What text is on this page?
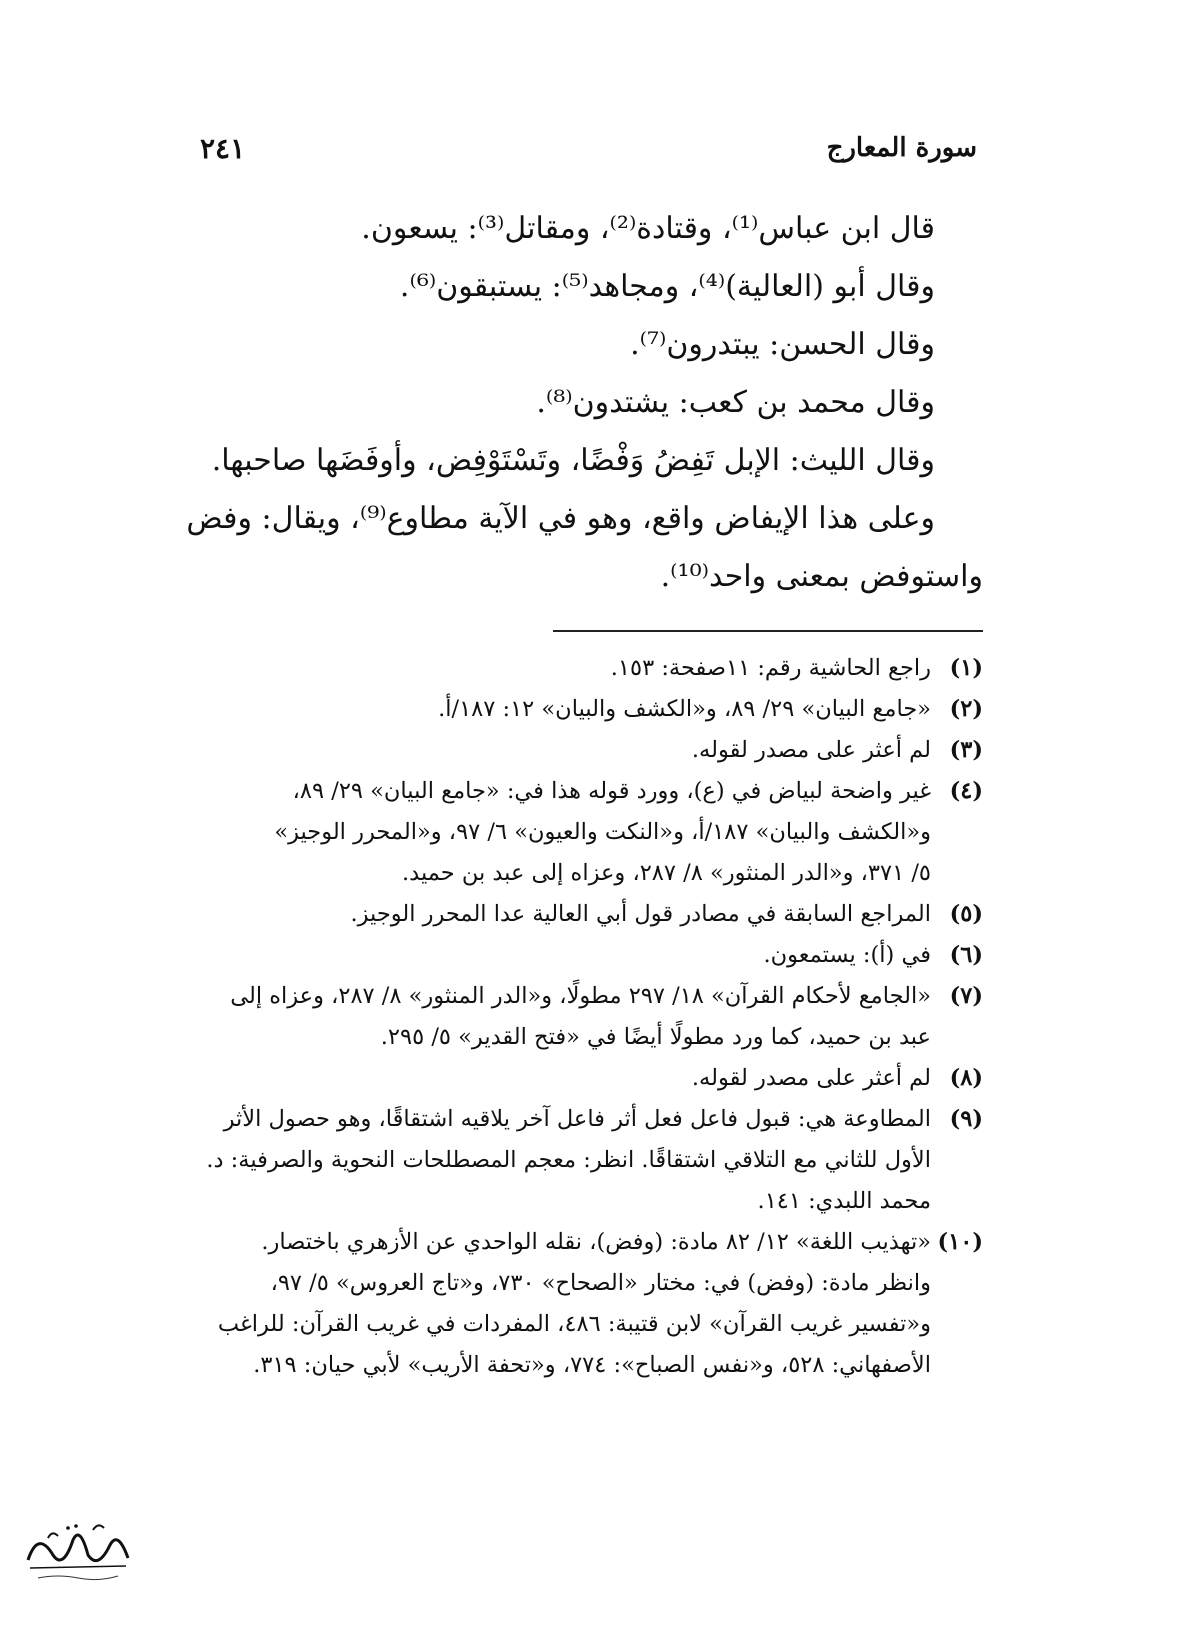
سورة المعارج
٢٤١
قال ابن عباس⁽¹⁾، وقتادة⁽²⁾، ومقاتل⁽³⁾: يسعون.
وقال أبو (العالية)⁽⁴⁾، ومجاهد⁽⁵⁾: يستبقون⁽⁶⁾.
وقال الحسن: يبتدرون⁽⁷⁾.
وقال محمد بن كعب: يشتدون⁽⁸⁾.
وقال الليث: الإبل تَفِضُ وَفْضًا، وتَسْتَوْفِض، وأوفَضَها صاحبها.
وعلى هذا الإيفاض واقع، وهو في الآية مطاوع⁽⁹⁾، ويقال: وفض
واستوفض بمعنى واحد⁽¹⁰⁾.
(١)
راجع الحاشية رقم: ١١صفحة: ١٥٣.
(٢)
«جامع البيان» ٢٩/ ٨٩، و«الكشف والبيان» ١٢: ١٨٧/أ.
(٣)
لم أعثر على مصدر لقوله.
(٤)
غير واضحة لبياض في (ع)، وورد قوله هذا في: «جامع البيان» ٢٩/ ٨٩،
و«الكشف والبيان» ١٨٧/أ، و«النكت والعيون» ٦/ ٩٧، و«المحرر الوجيز»
٥/ ٣٧١، و«الدر المنثور» ٨/ ٢٨٧، وعزاه إلى عبد بن حميد.
(٥)
المراجع السابقة في مصادر قول أبي العالية عدا المحرر الوجيز.
(٦)
في (أ): يستمعون.
(٧)
«الجامع لأحكام القرآن» ١٨/ ٢٩٧ مطولًا، و«الدر المنثور» ٨/ ٢٨٧، وعزاه إلى
عبد بن حميد، كما ورد مطولًا أيضًا في «فتح القدير» ٥/ ٢٩٥.
(٨)
لم أعثر على مصدر لقوله.
(٩)
المطاوعة هي: قبول فاعل فعل أثر فاعل آخر يلاقيه اشتقاقًا، وهو حصول الأثر
الأول للثاني مع التلاقي اشتقاقًا. انظر: معجم المصطلحات النحوية والصرفية: د.
محمد اللبدي: ١٤١.
(١٠)
«تهذيب اللغة» ١٢/ ٨٢ مادة: (وفض)، نقله الواحدي عن الأزهري باختصار.
وانظر مادة: (وفض) في: مختار «الصحاح» ٧٣٠، و«تاج العروس» ٥/ ٩٧،
و«تفسير غريب القرآن» لابن قتيبة: ٤٨٦، المفردات في غريب القرآن: للراغب
الأصفهاني: ٥٢٨، و«نفس الصباح»: ٧٧٤، و«تحفة الأريب» لأبي حيان: ٣١٩.
